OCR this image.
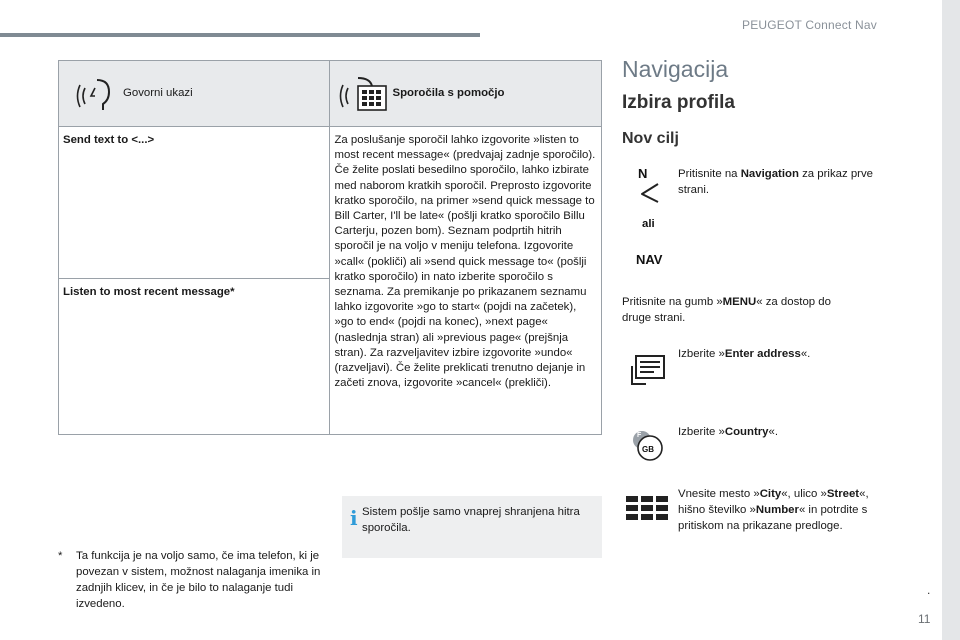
PEUGEOT Connect Nav
Govorni ukazi	Sporočila s pomočjo

Send text to <...>	Za poslušanje sporočil lahko izgovorite »listen to most recent message« (predvajaj zadnje sporočilo). Če želite poslati besedilno sporočilo, lahko izbirate med naborom kratkih sporočil. Preprosto izgovorite kratko sporočilo, na primer »send quick message to Bill Carter, I'll be late« (pošlji kratko sporočilo Billu Carterju, pozen bom). Seznam podprtih hitrih sporočil je na voljo v meniju telefona. Izgovorite »call« (pokliči) ali »send quick message to« (pošlji kratko sporočilo) in nato izberite sporočilo s seznama. Za premikanje po prikazanem seznamu lahko izgovorite »go to start« (pojdi na začetek), »go to end« (pojdi na konec), »next page« (naslednja stran) ali »previous page« (prejšnja stran). Za razveljavitev izbire izgovorite »undo« (razveljavi). Če želite preklicati trenutno dejanje in začeti znova, izgovorite »cancel« (prekliči).
Listen to most recent message*	
Sistem pošlje samo vnaprej shranjena hitra sporočila.
i
*	Ta funkcija je na voljo samo, če ima telefon, ki je povezan v sistem, možnost nalaganja imenika in zadnjih klicev, in če je bilo to nalaganje tudi izvedeno.
Navigacija
Izbira profila
Nov cilj
N
ali
NAV
Pritisnite na Navigation za prikaz prve strani.
Pritisnite na gumb »MENU« za dostop do druge strani.
Izberite »Enter address«.
F
GB
Izberite »Country«.
Vnesite mesto »City«, ulico »Street«, hišno številko »Number« in potrdite s pritiskom na prikazane predloge.
.
11
